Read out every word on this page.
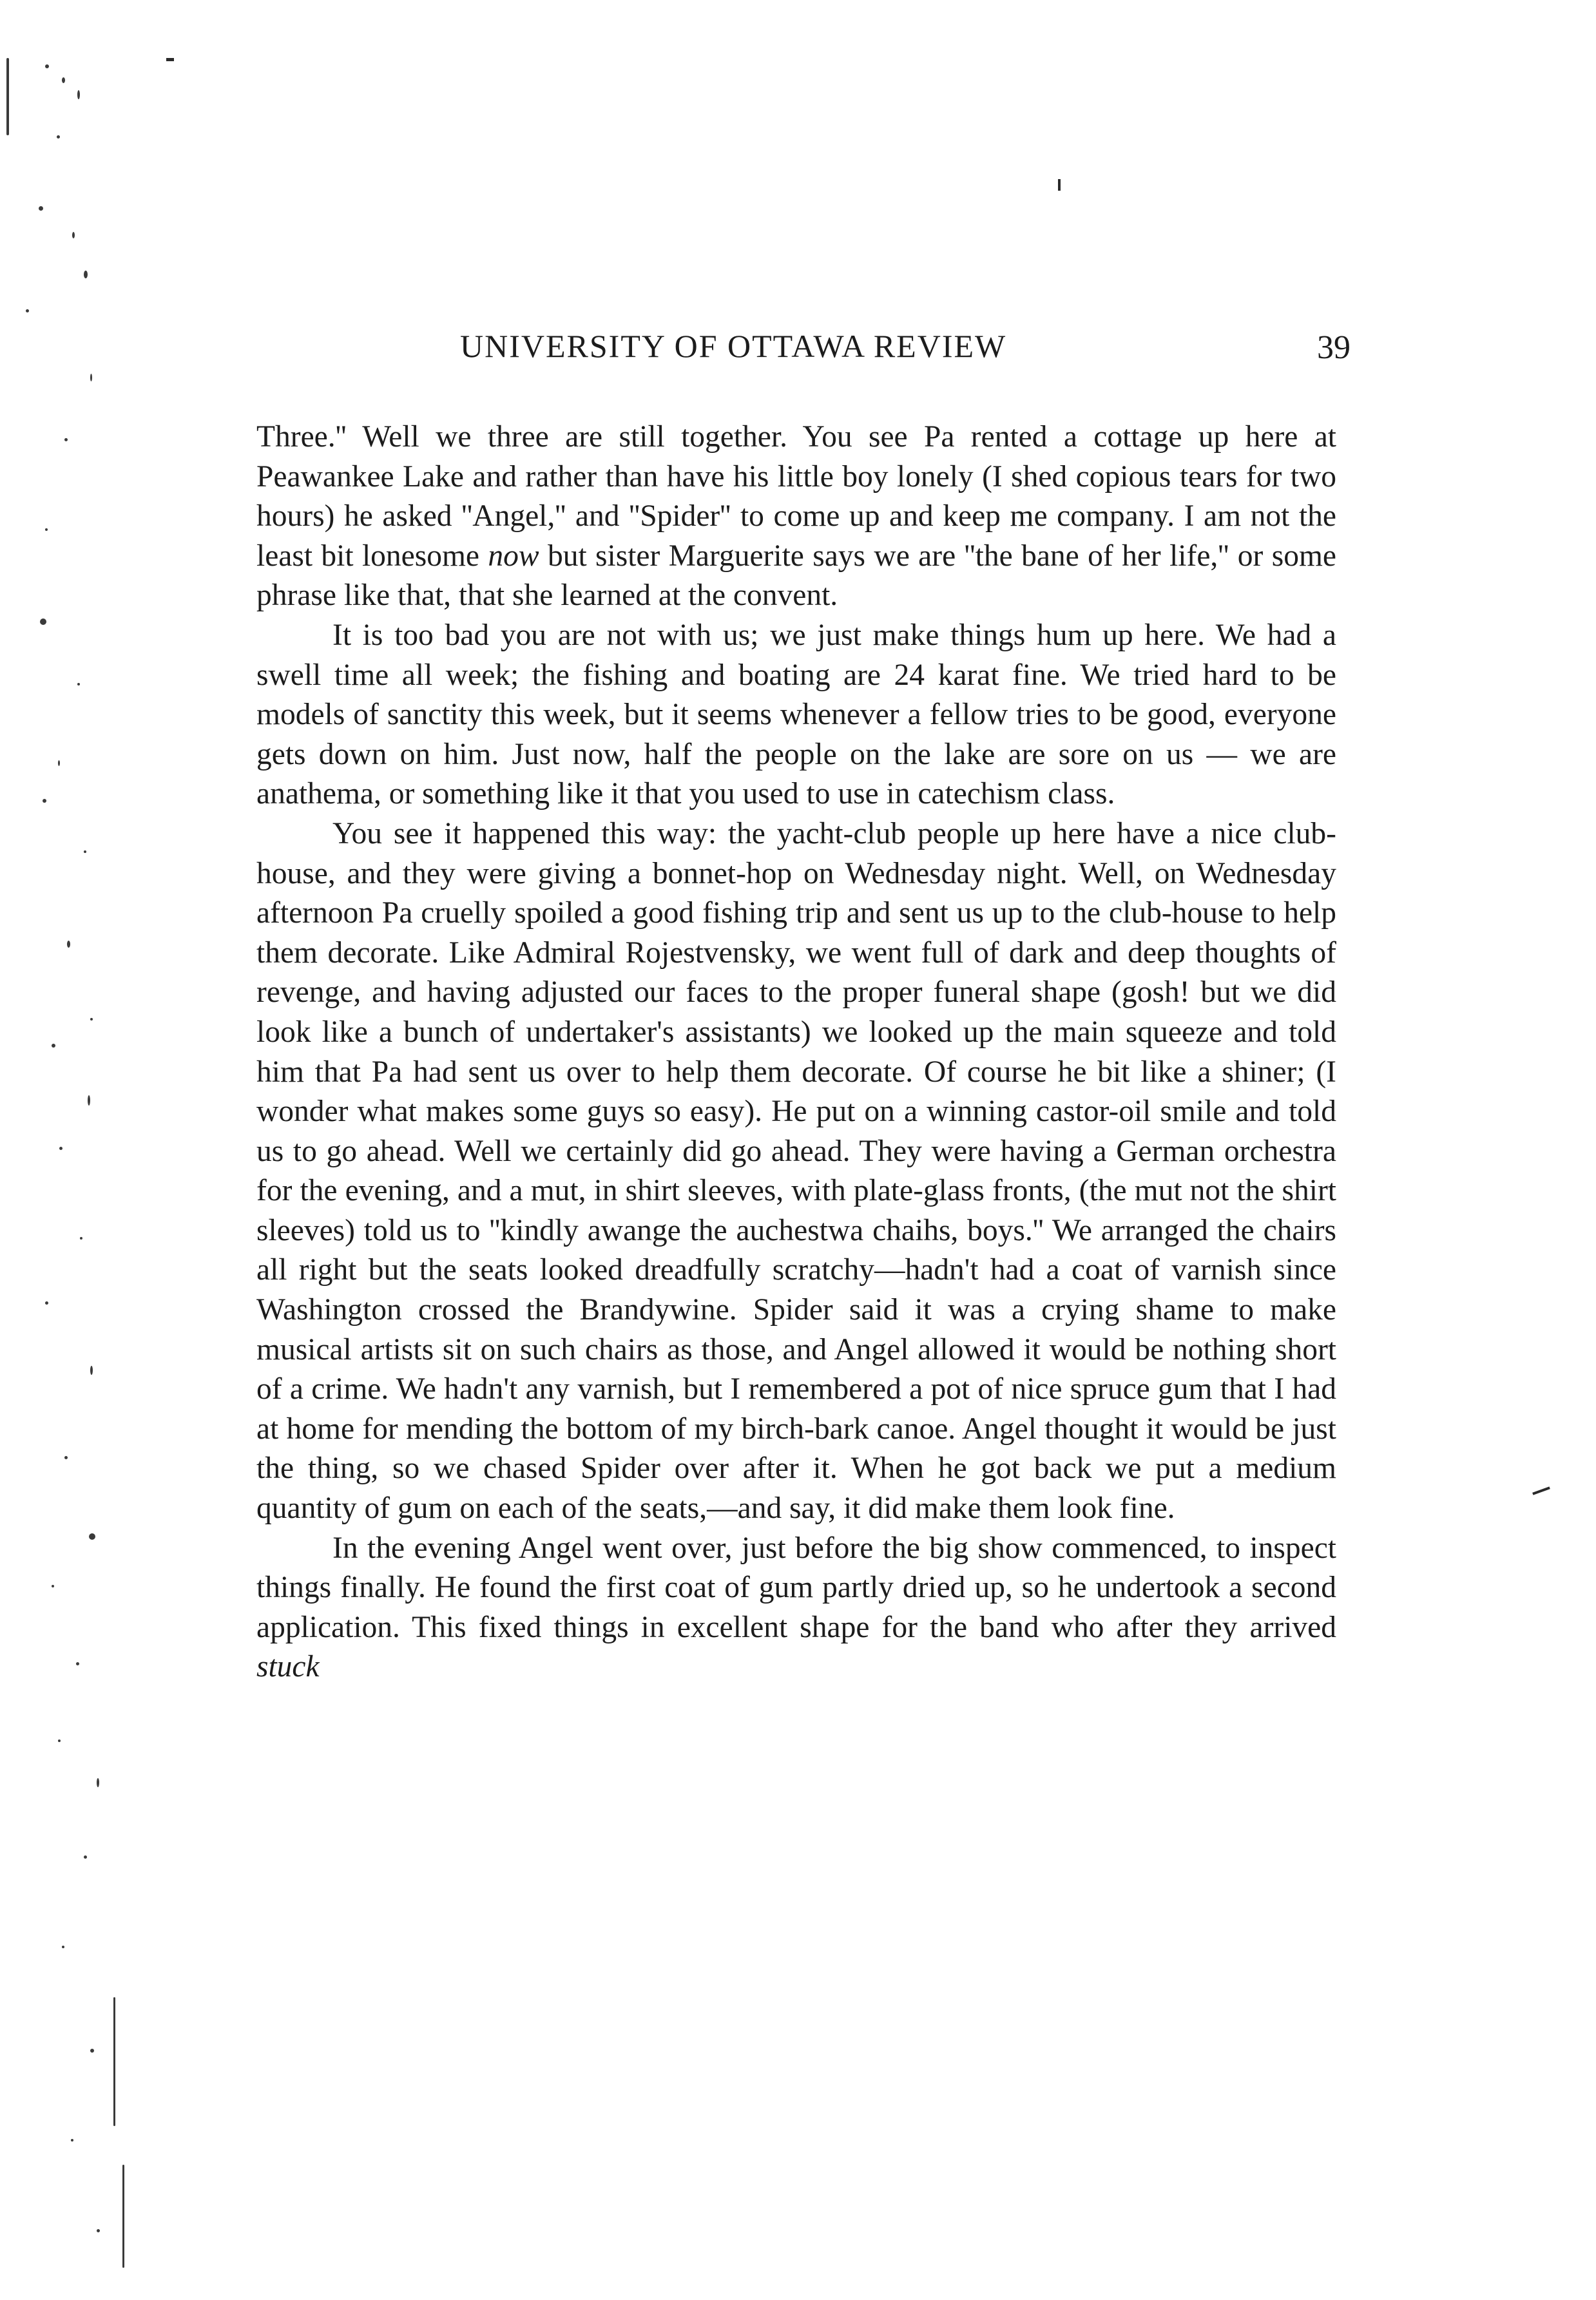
UNIVERSITY OF OTTAWA REVIEW	39

Three.'' Well we three are still together. You see Pa rented a cottage up here at Peawankee Lake and rather than have his little boy lonely (I shed copious tears for two hours) he asked ''Angel,'' and ''Spider'' to come up and keep me company. I am not the least bit lonesome now but sister Marguerite says we are ''the bane of her life,'' or some phrase like that, that she learned at the convent.

It is too bad you are not with us; we just make things hum up here. We had a swell time all week; the fishing and boating are 24 karat fine. We tried hard to be models of sanctity this week, but it seems whenever a fellow tries to be good, everyone gets down on him. Just now, half the people on the lake are sore on us — we are anathema, or something like it that you used to use in catechism class.

You see it happened this way: the yacht-club people up here have a nice club-house, and they were giving a bonnet-hop on Wednesday night. Well, on Wednesday afternoon Pa cruelly spoiled a good fishing trip and sent us up to the club-house to help them decorate. Like Admiral Rojestvensky, we went full of dark and deep thoughts of revenge, and having adjusted our faces to the proper funeral shape (gosh! but we did look like a bunch of undertaker's assistants) we looked up the main squeeze and told him that Pa had sent us over to help them decorate. Of course he bit like a shiner; (I wonder what makes some guys so easy). He put on a winning castor-oil smile and told us to go ahead. Well we certainly did go ahead. They were having a German orchestra for the evening, and a mut, in shirt sleeves, with plate-glass fronts, (the mut not the shirt sleeves) told us to ''kindly awange the auchestwa chaihs, boys.'' We arranged the chairs all right but the seats looked dreadfully scratchy—hadn't had a coat of varnish since Washington crossed the Brandywine. Spider said it was a crying shame to make musical artists sit on such chairs as those, and Angel allowed it would be nothing short of a crime. We hadn't any varnish, but I remembered a pot of nice spruce gum that I had at home for mending the bottom of my birch-bark canoe. Angel thought it would be just the thing, so we chased Spider over after it. When he got back we put a medium quantity of gum on each of the seats,—and say, it did make them look fine.

In the evening Angel went over, just before the big show commenced, to inspect things finally. He found the first coat of gum partly dried up, so he undertook a second application. This fixed things in excellent shape for the band who after they arrived stuck
